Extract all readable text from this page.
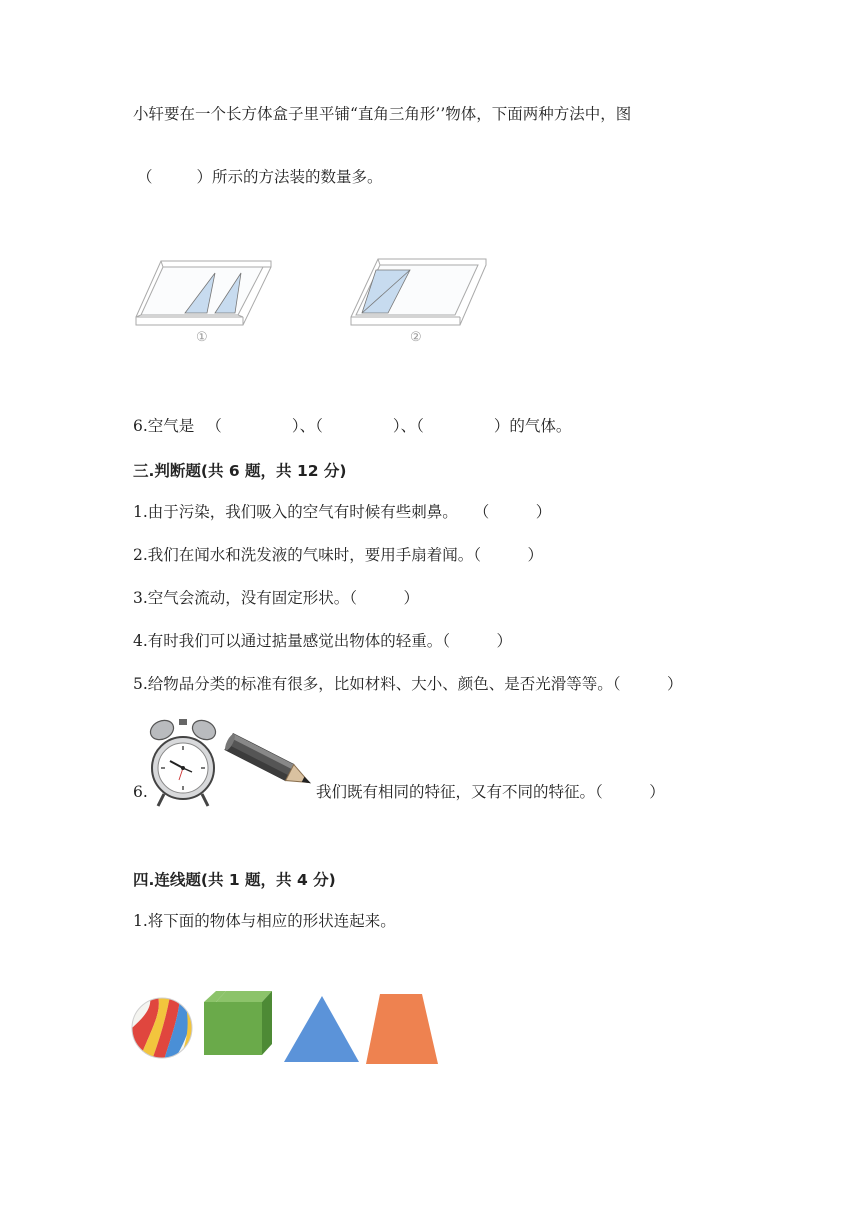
小轩要在一个长方体盒子里平铺“直角三角形’’物体，下面两种方法中，图
（	）所示的方法装的数量多。
①	②
6.空气是 （	）、（	）、（	）的气体。
三.判断题(共 6 题，共 12 分)
1.由于污染，我们吸入的空气有时候有些刺鼻。 （　　　）
2.我们在闻水和洗发液的气味时，要用手扇着闻。（　　　）
3.空气会流动，没有固定形状。（　　　）
4.有时我们可以通过掂量感觉出物体的轻重。（　　　）
5.给物品分类的标准有很多，比如材料、大小、颜色、是否光滑等等。（　　　）
6.	我们既有相同的特征，又有不同的特征。（　　　）
四.连线题(共 1 题，共 4 分)
1.将下面的物体与相应的形状连起来。
